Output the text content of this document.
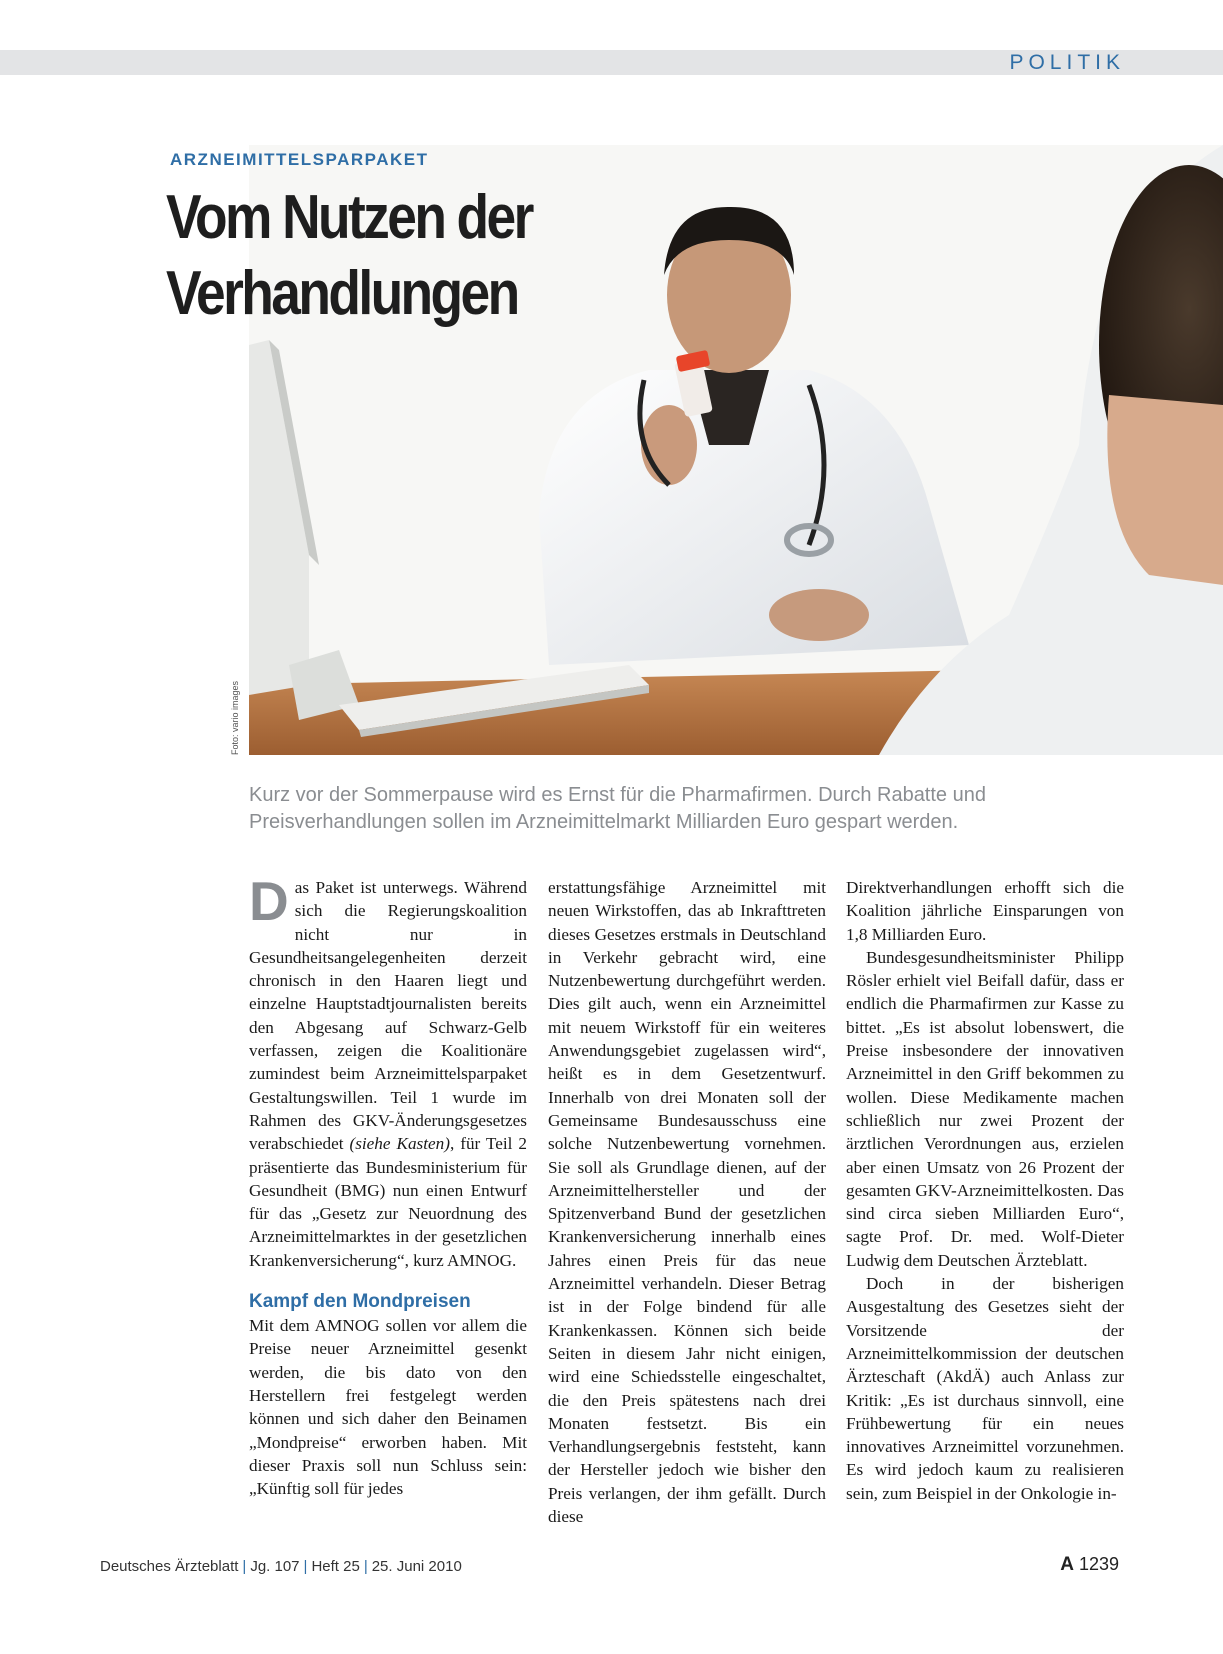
POLITIK
ARZNEIMITTELSPARPAKET
Vom Nutzen der
Verhandlungen
Foto: vario images
Kurz vor der Sommerpause wird es Ernst für die Pharmafirmen. Durch Rabatte und Preisverhandlungen sollen im Arzneimittelmarkt Milliarden Euro gespart werden.

Das Paket ist unterwegs. Während sich die Regierungskoalition nicht nur in Gesundheitsangelegenheiten derzeit chronisch in den Haaren liegt und einzelne Hauptstadtjournalisten bereits den Abgesang auf Schwarz-Gelb verfassen, zeigen die Koalitionäre zumindest beim Arzneimittelsparpaket Gestaltungswillen. Teil 1 wurde im Rahmen des GKV-Änderungsgesetzes verabschiedet (siehe Kasten), für Teil 2 präsentierte das Bundesministerium für Gesundheit (BMG) nun einen Entwurf für das „Gesetz zur Neuordnung des Arzneimittelmarktes in der gesetzlichen Krankenversicherung“, kurz AMNOG.

Kampf den Mondpreisen

Mit dem AMNOG sollen vor allem die Preise neuer Arzneimittel gesenkt werden, die bis dato von den Herstellern frei festgelegt werden können und sich daher den Beinamen „Mondpreise“ erworben haben. Mit dieser Praxis soll nun Schluss sein: „Künftig soll für jedes

erstattungsfähige Arzneimittel mit neuen Wirkstoffen, das ab Inkrafttreten dieses Gesetzes erstmals in Deutschland in Verkehr gebracht wird, eine Nutzenbewertung durchgeführt werden. Dies gilt auch, wenn ein Arzneimittel mit neuem Wirkstoff für ein weiteres Anwendungsgebiet zugelassen wird“, heißt es in dem Gesetzentwurf. Innerhalb von drei Monaten soll der Gemeinsame Bundesausschuss eine solche Nutzenbewertung vornehmen. Sie soll als Grundlage dienen, auf der Arzneimittelhersteller und der Spitzenverband Bund der gesetzlichen Krankenversicherung innerhalb eines Jahres einen Preis für das neue Arzneimittel verhandeln. Dieser Betrag ist in der Folge bindend für alle Krankenkassen. Können sich beide Seiten in diesem Jahr nicht einigen, wird eine Schiedsstelle eingeschaltet, die den Preis spätestens nach drei Monaten festsetzt. Bis ein Verhandlungsergebnis feststeht, kann der Hersteller jedoch wie bisher den Preis verlangen, der ihm gefällt. Durch diese

Direktverhandlungen erhofft sich die Koalition jährliche Einsparungen von 1,8 Milliarden Euro.

Bundesgesundheitsminister Philipp Rösler erhielt viel Beifall dafür, dass er endlich die Pharmafirmen zur Kasse zu bittet. „Es ist absolut lobenswert, die Preise insbesondere der innovativen Arzneimittel in den Griff bekommen zu wollen. Diese Medikamente machen schließlich nur zwei Prozent der ärztlichen Verordnungen aus, erzielen aber einen Umsatz von 26 Prozent der gesamten GKV-Arzneimittelkosten. Das sind circa sieben Milliarden Euro“, sagte Prof. Dr. med. Wolf-Dieter Ludwig dem Deutschen Ärzteblatt.

Doch in der bisherigen Ausgestaltung des Gesetzes sieht der Vorsitzende der Arzneimittelkommission der deutschen Ärzteschaft (AkdÄ) auch Anlass zur Kritik: „Es ist durchaus sinnvoll, eine Frühbewertung für ein neues innovatives Arzneimittel vorzunehmen. Es wird jedoch kaum zu realisieren sein, zum Beispiel in der Onkologie in-

Deutsches Ärzteblatt | Jg. 107 | Heft 25 | 25. Juni 2010	A 1239
